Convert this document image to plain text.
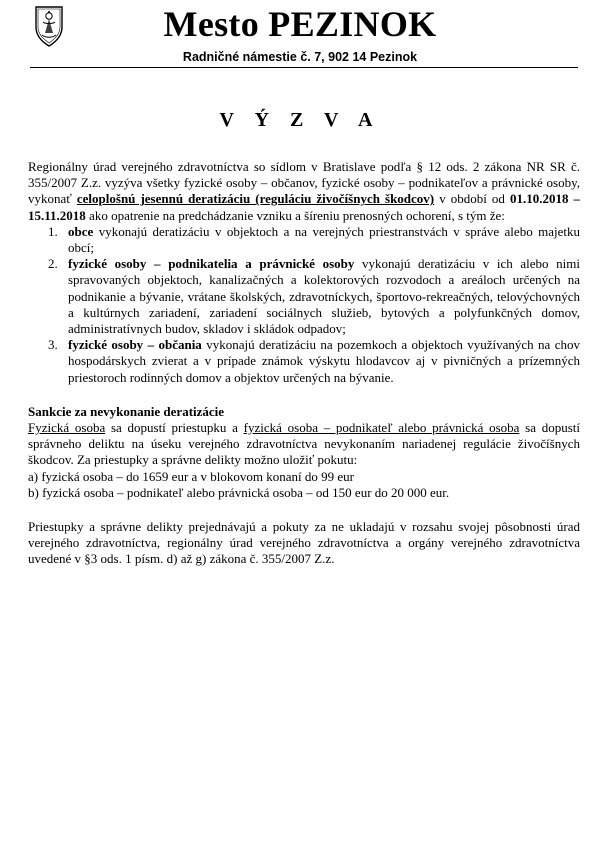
Mesto PEZINOK
Radničné námestie č. 7, 902 14 Pezinok
V Ý Z V A

Regionálny úrad verejného zdravotníctva so sídlom v Bratislave podľa § 12 ods. 2 zákona NR SR č. 355/2007 Z.z. vyzýva všetky fyzické osoby – občanov, fyzické osoby – podnikateľov a právnické osoby, vykonať celoplošnú jesennú deratizáciu (reguláciu živočíšnych škodcov) v období od 01.10.2018 – 15.11.2018 ako opatrenie na predchádzanie vzniku a šíreniu prenosných ochorení, s tým že:

1. obce vykonajú deratizáciu v objektoch a na verejných priestranstvách v správe alebo majetku obcí;
2. fyzické osoby – podnikatelia a právnické osoby vykonajú deratizáciu v ich alebo nimi spravovaných objektoch, kanalizačných a kolektorových rozvodoch a areáloch určených na podnikanie a bývanie, vrátane školských, zdravotníckych, športovo-rekreačných, telovýchovných a kultúrnych zariadení, zariadení sociálnych služieb, bytových a polyfunkčných domov, administratívnych budov, skladov i skládok odpadov;
3. fyzické osoby – občania vykonajú deratizáciu na pozemkoch a objektoch využívaných na chov hospodárskych zvierat a v prípade známok výskytu hlodavcov aj v pivničných a prízemných priestoroch rodinných domov a objektov určených na bývanie.

Sankcie za nevykonanie deratizácie

Fyzická osoba sa dopustí priestupku a fyzická osoba – podnikateľ alebo právnická osoba sa dopustí správneho deliktu na úseku verejného zdravotníctva nevykonaním nariadenej regulácie živočíšnych škodcov. Za priestupky a správne delikty možno uložiť pokutu:

a) fyzická osoba – do 1659 eur a v blokovom konaní do 99 eur

b) fyzická osoba – podnikateľ alebo právnická osoba – od 150 eur do 20 000 eur.

Priestupky a správne delikty prejednávajú a pokuty za ne ukladajú v rozsahu svojej pôsobnosti úrad verejného zdravotníctva, regionálny úrad verejného zdravotníctva a orgány verejného zdravotníctva uvedené v §3 ods. 1 písm. d) až g) zákona č. 355/2007 Z.z.
